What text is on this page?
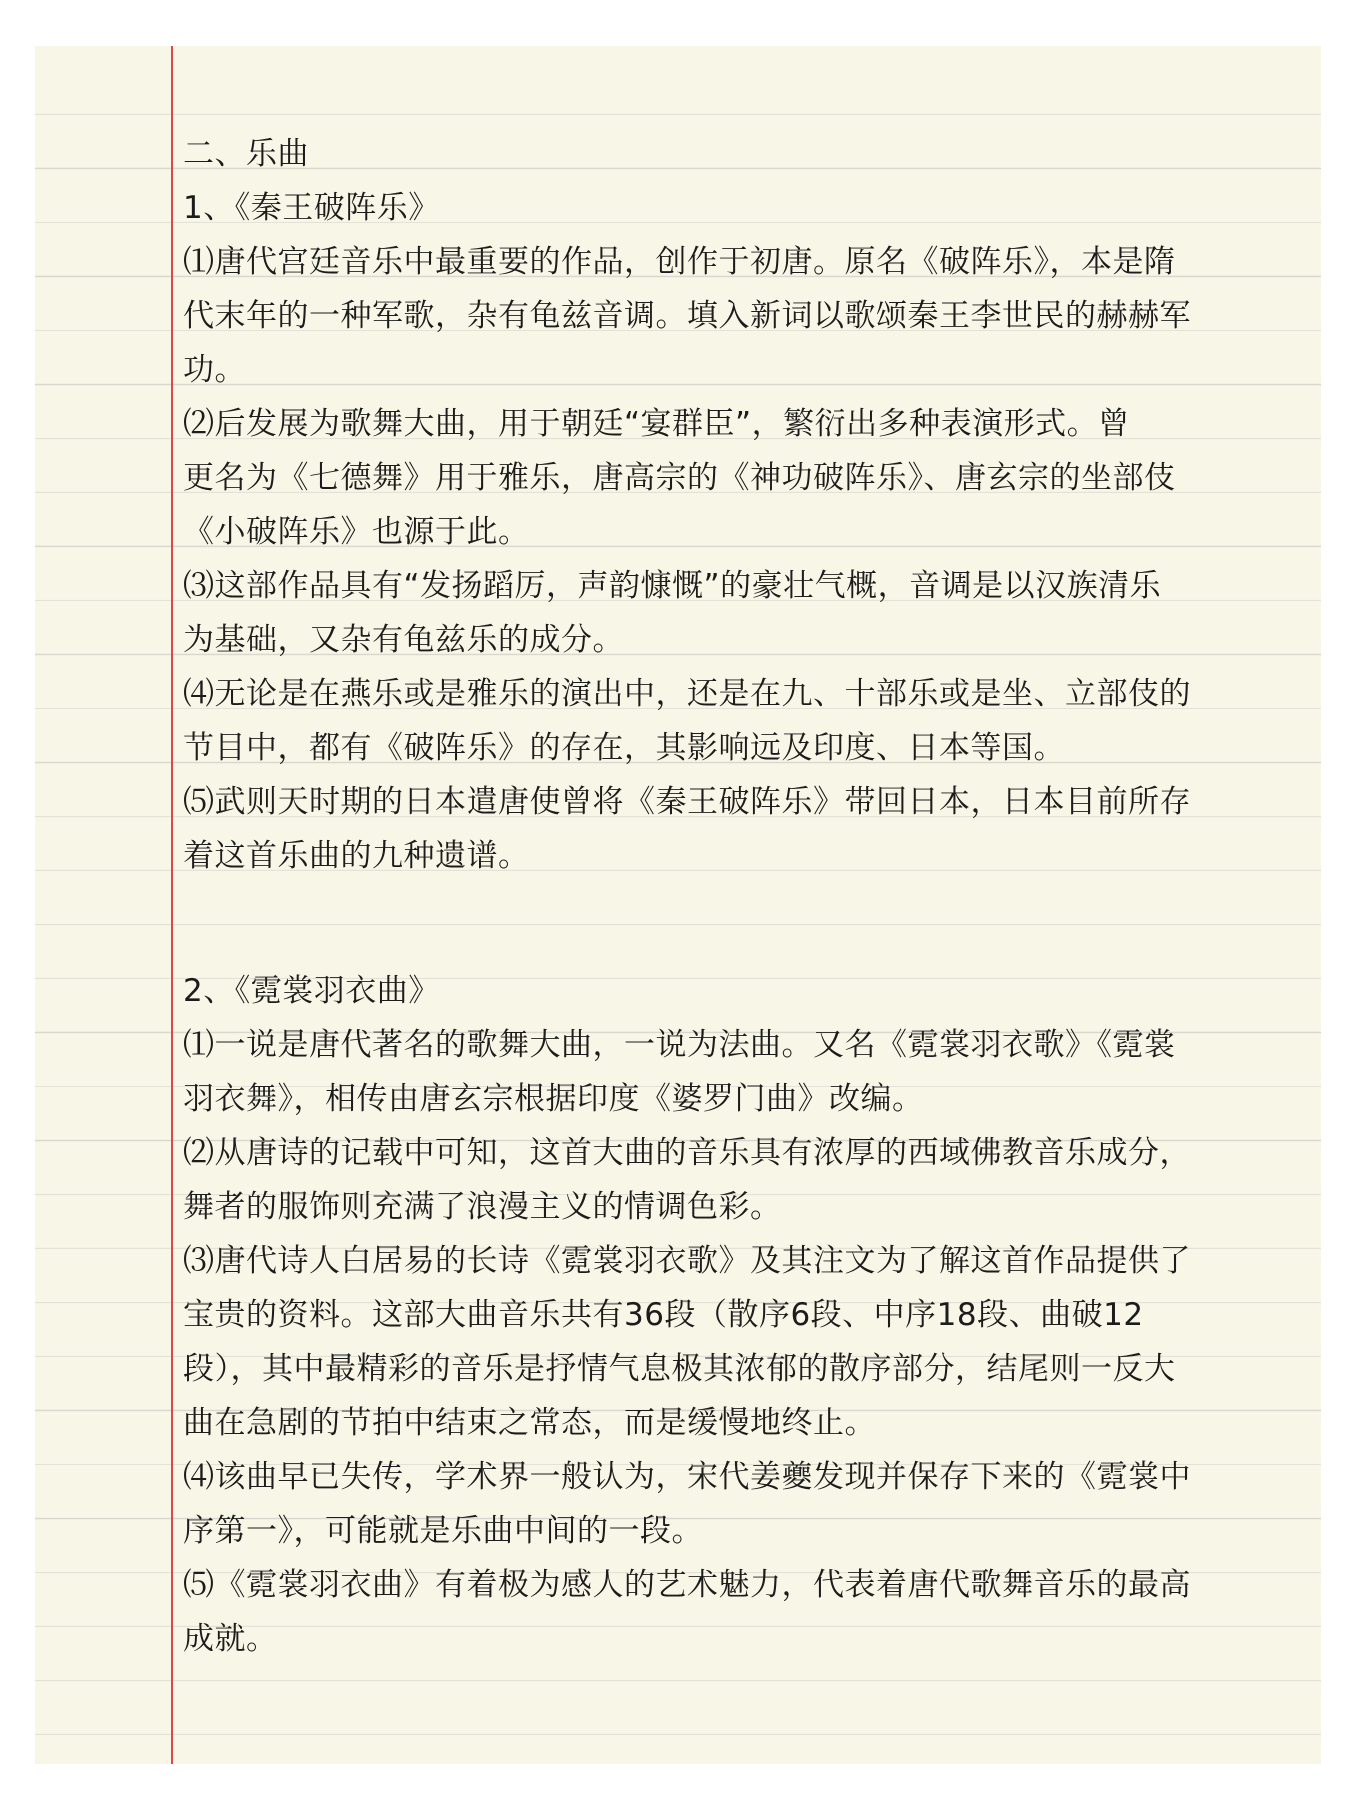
二、乐曲
1、《秦王破阵乐》
⑴唐代宫廷音乐中最重要的作品，创作于初唐。原名《破阵乐》，本是隋
代末年的一种军歌，杂有龟兹音调。填入新词以歌颂秦王李世民的赫赫军
功。
⑵后发展为歌舞大曲，用于朝廷“宴群臣”，繁衍出多种表演形式。曾
更名为《七德舞》用于雅乐，唐高宗的《神功破阵乐》、唐玄宗的坐部伎
《小破阵乐》也源于此。
⑶这部作品具有“发扬蹈厉，声韵慷慨”的豪壮气概，音调是以汉族清乐
为基础，又杂有龟兹乐的成分。
⑷无论是在燕乐或是雅乐的演出中，还是在九、十部乐或是坐、立部伎的
节目中，都有《破阵乐》的存在，其影响远及印度、日本等国。
⑸武则天时期的日本遣唐使曾将《秦王破阵乐》带回日本，日本目前所存
着这首乐曲的九种遗谱。
2、《霓裳羽衣曲》
⑴一说是唐代著名的歌舞大曲，一说为法曲。又名《霓裳羽衣歌》《霓裳
羽衣舞》，相传由唐玄宗根据印度《婆罗门曲》改编。
⑵从唐诗的记载中可知，这首大曲的音乐具有浓厚的西域佛教音乐成分，
舞者的服饰则充满了浪漫主义的情调色彩。
⑶唐代诗人白居易的长诗《霓裳羽衣歌》及其注文为了解这首作品提供了
宝贵的资料。这部大曲音乐共有36段（散序6段、中序18段、曲破12
段），其中最精彩的音乐是抒情气息极其浓郁的散序部分，结尾则一反大
曲在急剧的节拍中结束之常态，而是缓慢地终止。
⑷该曲早已失传，学术界一般认为，宋代姜夔发现并保存下来的《霓裳中
序第一》，可能就是乐曲中间的一段。
⑸《霓裳羽衣曲》有着极为感人的艺术魅力，代表着唐代歌舞音乐的最高
成就。
